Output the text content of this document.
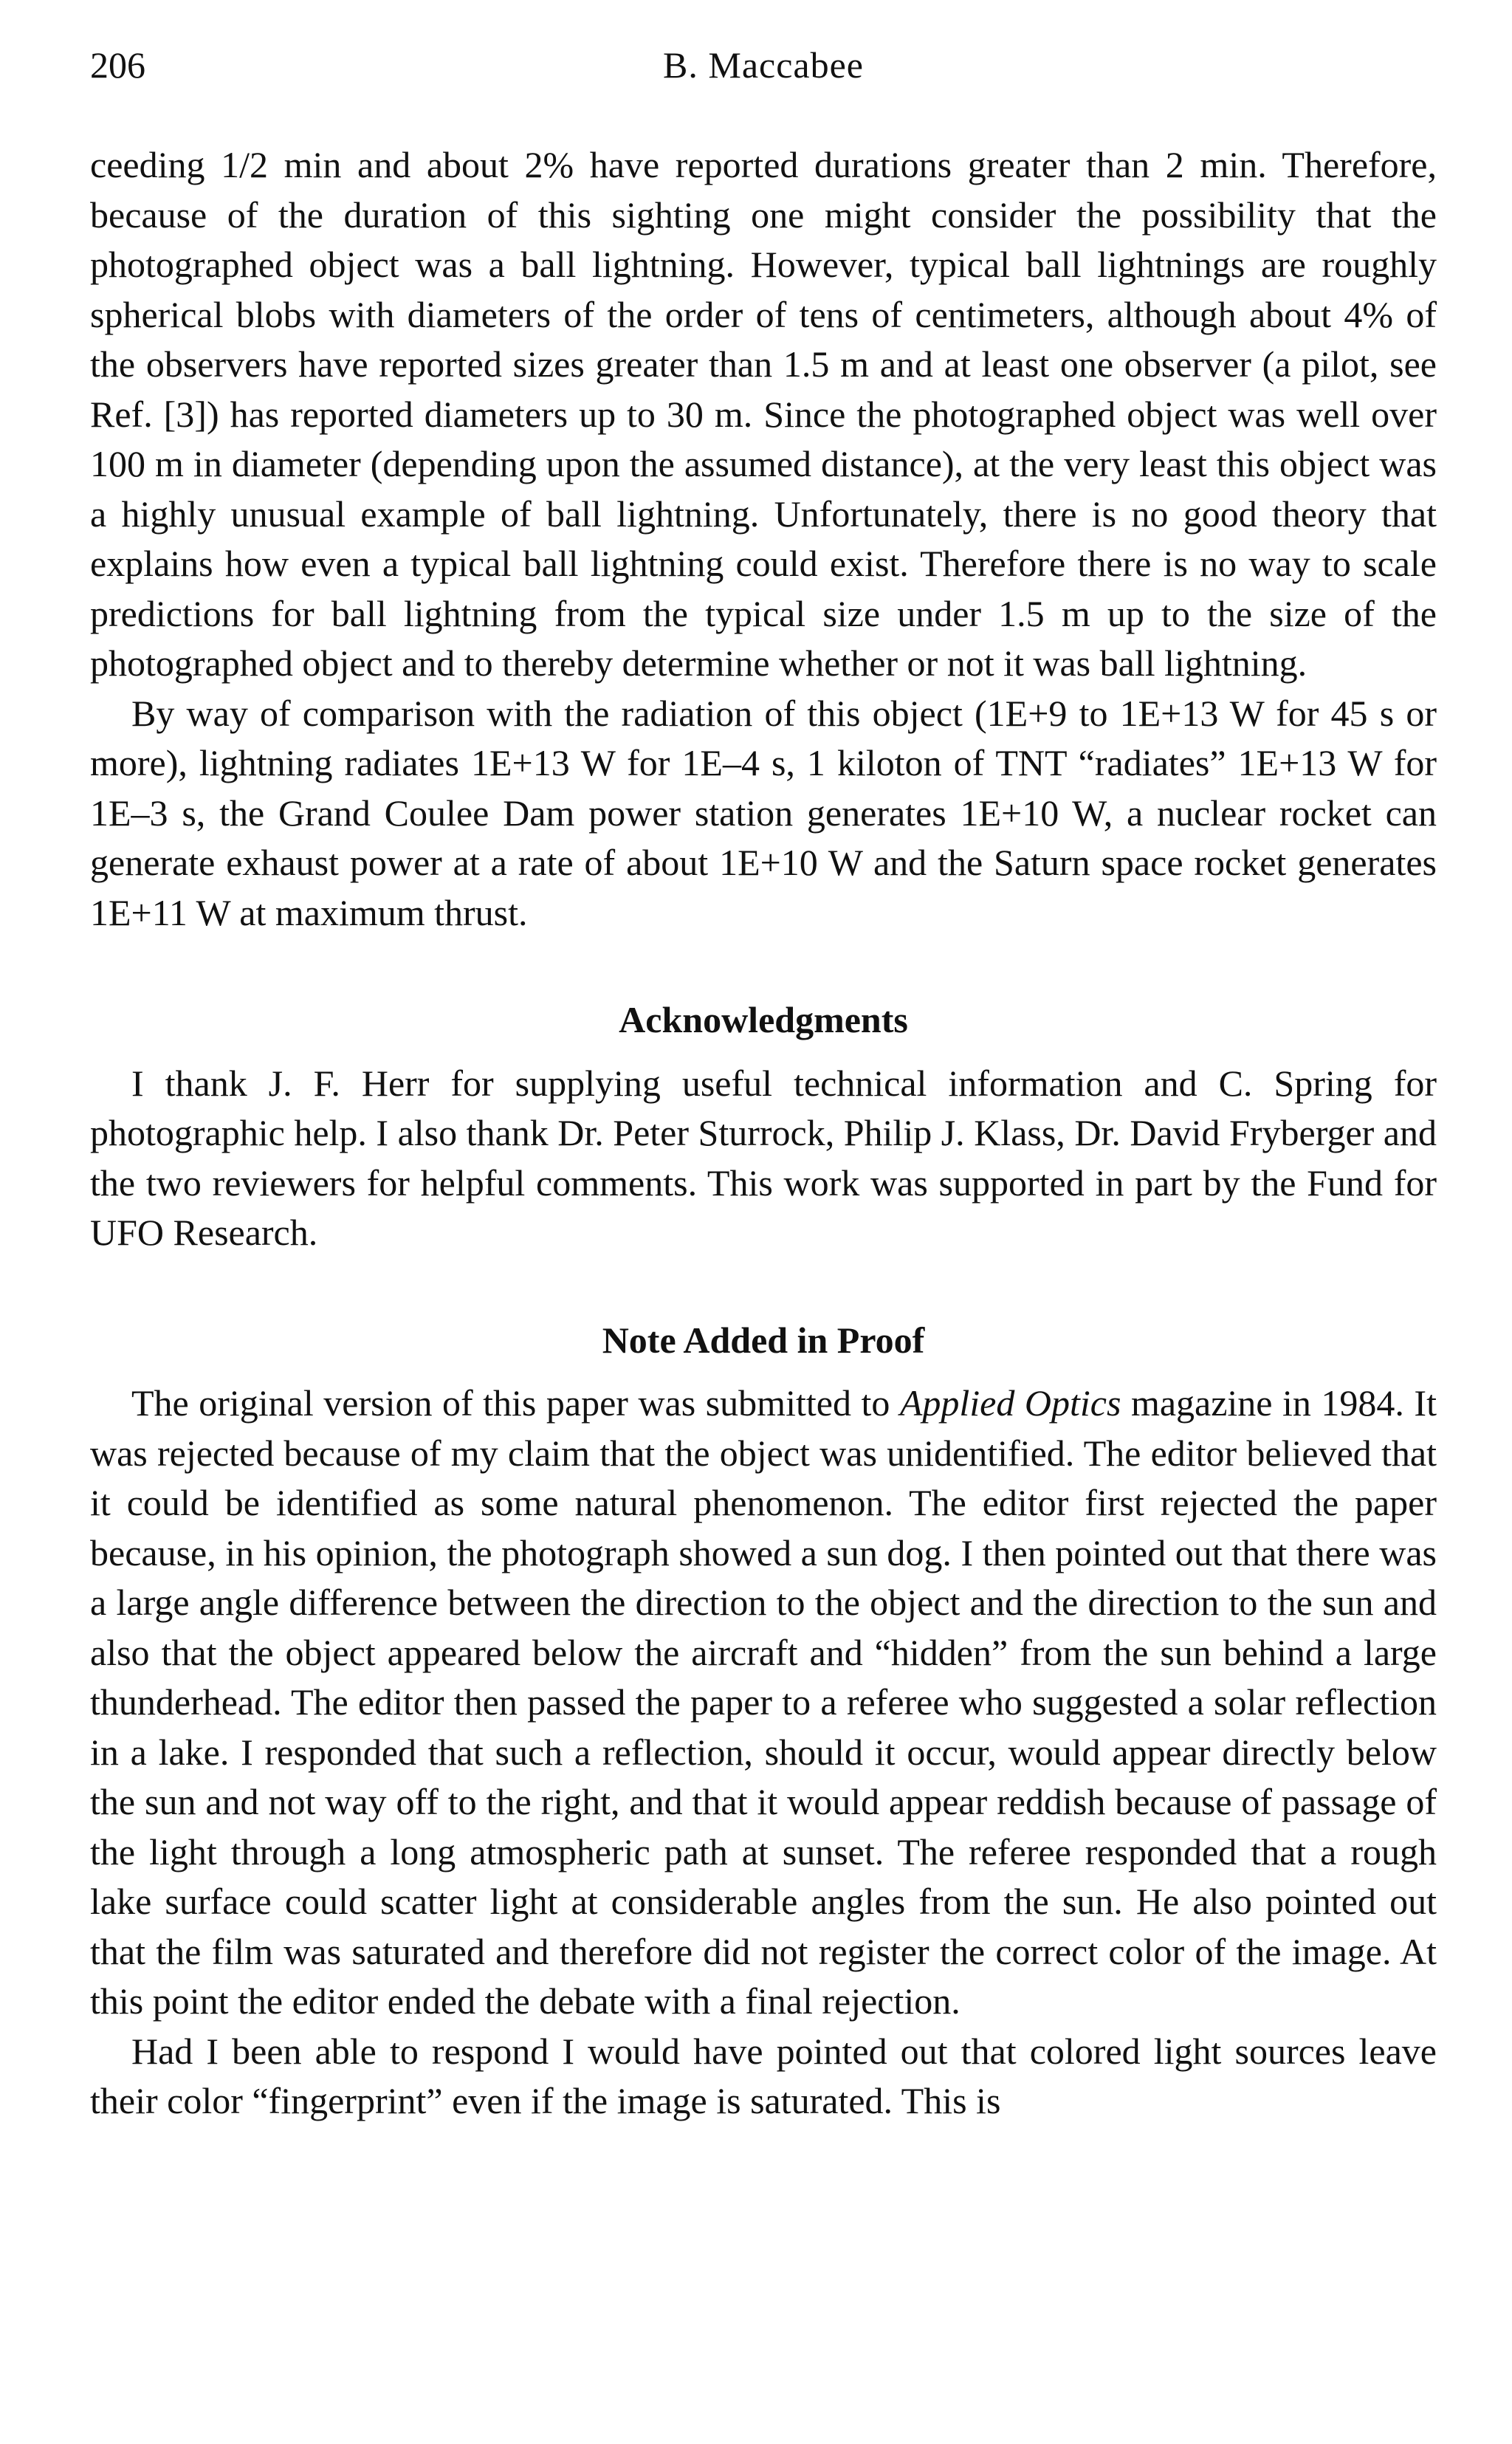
206	B. Maccabee

ceeding 1/2 min and about 2% have reported durations greater than 2 min. Therefore, because of the duration of this sighting one might consider the possibility that the photographed object was a ball lightning. However, typical ball lightnings are roughly spherical blobs with diameters of the order of tens of centimeters, although about 4% of the observers have reported sizes greater than 1.5 m and at least one observer (a pilot, see Ref. [3]) has reported diameters up to 30 m. Since the photographed object was well over 100 m in diameter (depending upon the assumed distance), at the very least this object was a highly unusual example of ball lightning. Unfortunately, there is no good theory that explains how even a typical ball lightning could exist. Therefore there is no way to scale predictions for ball lightning from the typical size under 1.5 m up to the size of the photographed object and to thereby determine whether or not it was ball lightning.

By way of comparison with the radiation of this object (1E+9 to 1E+13 W for 45 s or more), lightning radiates 1E+13 W for 1E–4 s, 1 kiloton of TNT “radiates” 1E+13 W for 1E–3 s, the Grand Coulee Dam power station generates 1E+10 W, a nuclear rocket can generate exhaust power at a rate of about 1E+10 W and the Saturn space rocket generates 1E+11 W at maximum thrust.

Acknowledgments

I thank J. F. Herr for supplying useful technical information and C. Spring for photographic help. I also thank Dr. Peter Sturrock, Philip J. Klass, Dr. David Fryberger and the two reviewers for helpful comments. This work was supported in part by the Fund for UFO Research.

Note Added in Proof

The original version of this paper was submitted to Applied Optics magazine in 1984. It was rejected because of my claim that the object was unidentified. The editor believed that it could be identified as some natural phenomenon. The editor first rejected the paper because, in his opinion, the photograph showed a sun dog. I then pointed out that there was a large angle difference between the direction to the object and the direction to the sun and also that the object appeared below the aircraft and “hidden” from the sun behind a large thunderhead. The editor then passed the paper to a referee who suggested a solar reflection in a lake. I responded that such a reflection, should it occur, would appear directly below the sun and not way off to the right, and that it would appear reddish because of passage of the light through a long atmospheric path at sunset. The referee responded that a rough lake surface could scatter light at considerable angles from the sun. He also pointed out that the film was saturated and therefore did not register the correct color of the image. At this point the editor ended the debate with a final rejection.

Had I been able to respond I would have pointed out that colored light sources leave their color “fingerprint” even if the image is saturated. This is
